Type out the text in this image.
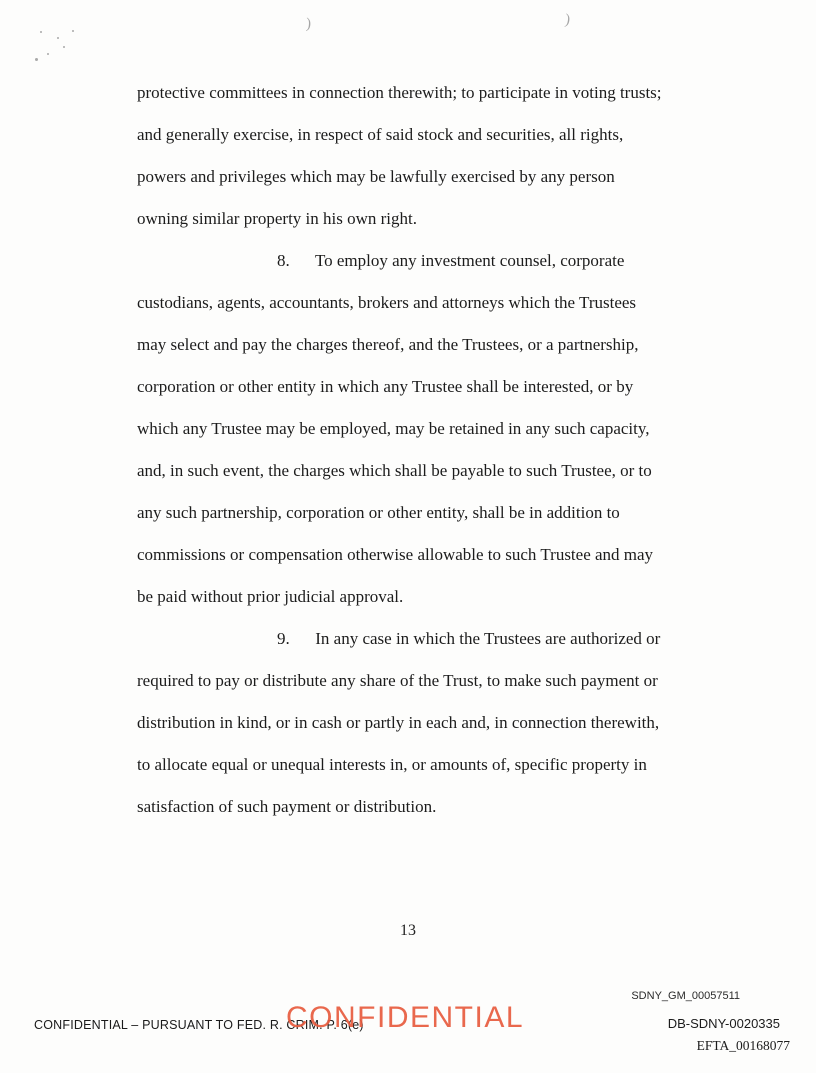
)	)
protective committees in connection therewith; to participate in voting trusts;
and generally exercise, in respect of said stock and securities, all rights,
powers and privileges which may be lawfully exercised by any person
owning similar property in his own right.
8.      To employ any investment counsel, corporate
custodians, agents, accountants, brokers and attorneys which the Trustees
may select and pay the charges thereof, and the Trustees, or a partnership,
corporation or other entity in which any Trustee shall be interested, or by
which any Trustee may be employed, may be retained in any such capacity,
and, in such event, the charges which shall be payable to such Trustee, or to
any such partnership, corporation or other entity, shall be in addition to
commissions or compensation otherwise allowable to such Trustee and may
be paid without prior judicial approval.
9.      In any case in which the Trustees are authorized or
required to pay or distribute any share of the Trust, to make such payment or
distribution in kind, or in cash or partly in each and, in connection therewith,
to allocate equal or unequal interests in, or amounts of, specific property in
satisfaction of such payment or distribution.
13
SDNY_GM_00057511
CONFIDENTIAL – PURSUANT TO FED. R. CRIM. P. 6(e)
CONFIDENTIAL	DB-SDNY-0020335
EFTA_00168077
